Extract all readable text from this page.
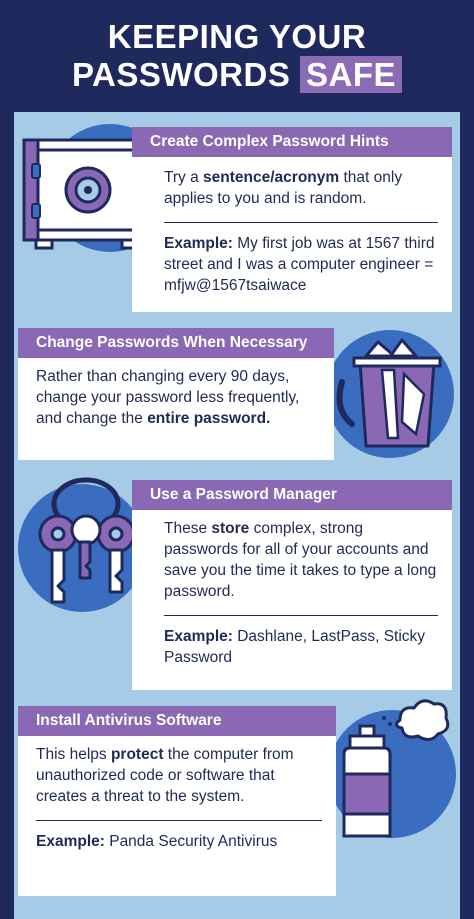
KEEPING YOUR
PASSWORDS SAFE
Create Complex Password Hints

Try a sentence/acronym that only applies to you and is random.

Example: My first job was at 1567 third street and I was a computer engineer = mfjw@1567tsaiwace

Change Passwords When Necessary

Rather than changing every 90 days, change your password less frequently, and change the entire password.

Use a Password Manager

These store complex, strong passwords for all of your accounts and save you the time it takes to type a long password.

Example: Dashlane, LastPass, Sticky Password

Install Antivirus Software

This helps protect the computer from unauthorized code or software that creates a threat to the system.

Example: Panda Security Antivirus
